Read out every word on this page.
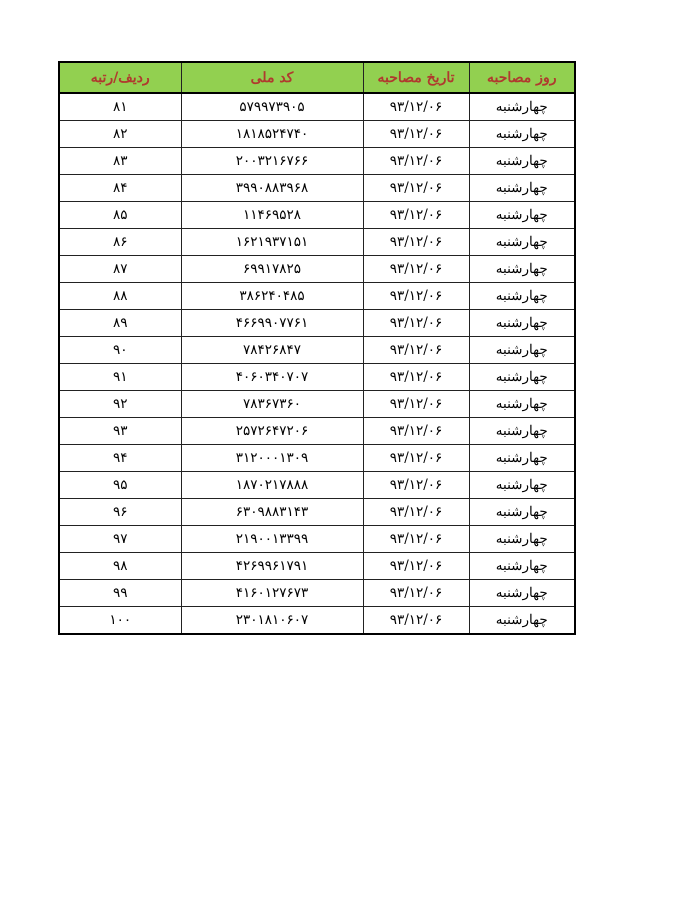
ردیف/رتبه	کد ملی	تاریخ مصاحبه	روز مصاحبه
۸۱	۵۷۹۹۷۳۹۰۵	۹۳/۱۲/۰۶	چهارشنبه
۸۲	۱۸۱۸۵۲۴۷۴۰	۹۳/۱۲/۰۶	چهارشنبه
۸۳	۲۰۰۳۲۱۶۷۶۶	۹۳/۱۲/۰۶	چهارشنبه
۸۴	۳۹۹۰۸۸۳۹۶۸	۹۳/۱۲/۰۶	چهارشنبه
۸۵	۱۱۴۶۹۵۲۸	۹۳/۱۲/۰۶	چهارشنبه
۸۶	۱۶۲۱۹۳۷۱۵۱	۹۳/۱۲/۰۶	چهارشنبه
۸۷	۶۹۹۱۷۸۲۵	۹۳/۱۲/۰۶	چهارشنبه
۸۸	۳۸۶۲۴۰۴۸۵	۹۳/۱۲/۰۶	چهارشنبه
۸۹	۴۶۶۹۹۰۷۷۶۱	۹۳/۱۲/۰۶	چهارشنبه
۹۰	۷۸۴۲۶۸۴۷	۹۳/۱۲/۰۶	چهارشنبه
۹۱	۴۰۶۰۳۴۰۷۰۷	۹۳/۱۲/۰۶	چهارشنبه
۹۲	۷۸۳۶۷۳۶۰	۹۳/۱۲/۰۶	چهارشنبه
۹۳	۲۵۷۲۶۴۷۲۰۶	۹۳/۱۲/۰۶	چهارشنبه
۹۴	۳۱۲۰۰۰۱۳۰۹	۹۳/۱۲/۰۶	چهارشنبه
۹۵	۱۸۷۰۲۱۷۸۸۸	۹۳/۱۲/۰۶	چهارشنبه
۹۶	۶۳۰۹۸۸۳۱۴۳	۹۳/۱۲/۰۶	چهارشنبه
۹۷	۲۱۹۰۰۱۳۳۹۹	۹۳/۱۲/۰۶	چهارشنبه
۹۸	۴۲۶۹۹۶۱۷۹۱	۹۳/۱۲/۰۶	چهارشنبه
۹۹	۴۱۶۰۱۲۷۶۷۳	۹۳/۱۲/۰۶	چهارشنبه
۱۰۰	۲۳۰۱۸۱۰۶۰۷	۹۳/۱۲/۰۶	چهارشنبه
